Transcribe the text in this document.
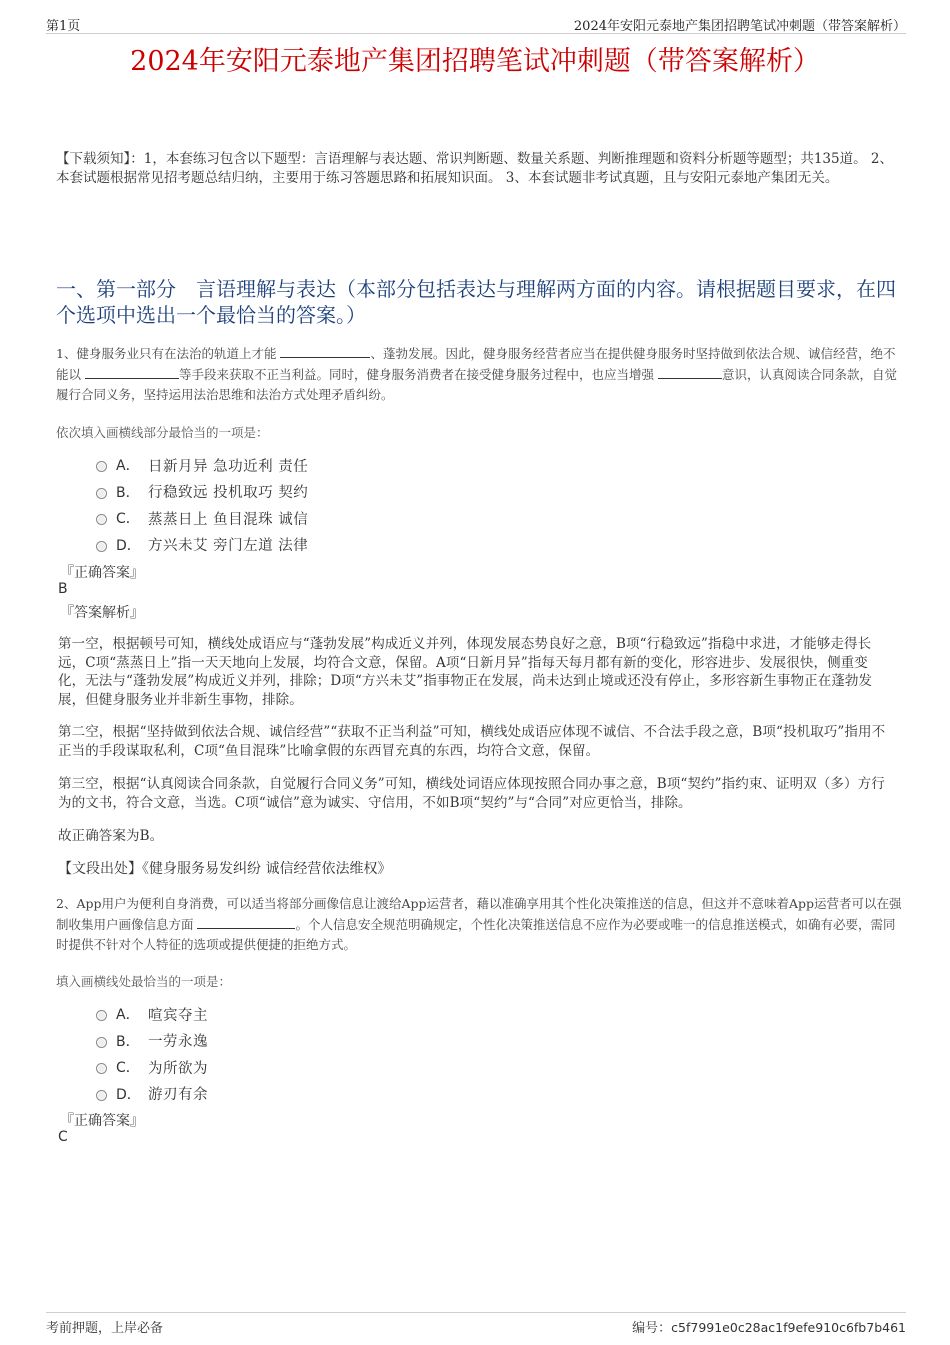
第1页	2024年安阳元泰地产集团招聘笔试冲刺题（带答案解析）
2024年安阳元泰地产集团招聘笔试冲刺题（带答案解析）
【下载须知】：1，本套练习包含以下题型：言语理解与表达题、常识判断题、数量关系题、判断推理题和资料分析题等题型；共135道。 2、本套试题根据常见招考题总结归纳，主要用于练习答题思路和拓展知识面。 3、本套试题非考试真题，且与安阳元泰地产集团无关。
一、第一部分　言语理解与表达（本部分包括表达与理解两方面的内容。请根据题目要求，在四个选项中选出一个最恰当的答案。）
1、健身服务业只有在法治的轨道上才能	、蓬勃发展。因此，健身服务经营者应当在提供健身服务时坚持做到依法合规、诚信经营，绝不能以	等手段来获取不正当利益。同时，健身服务消费者在接受健身服务过程中，也应当增强	意识，认真阅读合同条款，自觉履行合同义务，坚持运用法治思维和法治方式处理矛盾纠纷。
依次填入画横线部分最恰当的一项是：
A． 日新月异 急功近利 责任
B． 行稳致远 投机取巧 契约
C． 蒸蒸日上 鱼目混珠 诚信
D． 方兴未艾 旁门左道 法律
『正确答案』
B
『答案解析』
第一空，根据顿号可知，横线处成语应与“蓬勃发展”构成近义并列，体现发展态势良好之意，B项“行稳致远”指稳中求进，才能够走得长远，C项“蒸蒸日上”指一天天地向上发展，均符合文意，保留。A项“日新月异”指每天每月都有新的变化，形容进步、发展很快，侧重变化，无法与“蓬勃发展”构成近义并列，排除；D项“方兴未艾”指事物正在发展，尚未达到止境或还没有停止，多形容新生事物正在蓬勃发展，但健身服务业并非新生事物，排除。
第二空，根据“坚持做到依法合规、诚信经营”“获取不正当利益”可知，横线处成语应体现不诚信、不合法手段之意，B项“投机取巧”指用不正当的手段谋取私利，C项“鱼目混珠”比喻拿假的东西冒充真的东西，均符合文意，保留。
第三空，根据“认真阅读合同条款，自觉履行合同义务”可知，横线处词语应体现按照合同办事之意，B项“契约”指约束、证明双（多）方行为的文书，符合文意，当选。C项“诚信”意为诚实、守信用，不如B项“契约”与“合同”对应更恰当，排除。
故正确答案为B。
【文段出处】《健身服务易发纠纷 诚信经营依法维权》
2、App用户为便利自身消费，可以适当将部分画像信息让渡给App运营者，藉以准确享用其个性化决策推送的信息，但这并不意味着App运营者可以在强制收集用户画像信息方面	。个人信息安全规范明确规定，个性化决策推送信息不应作为必要或唯一的信息推送模式，如确有必要，需同时提供不针对个人特征的选项或提供便捷的拒绝方式。
填入画横线处最恰当的一项是：
A． 喧宾夺主
B． 一劳永逸
C． 为所欲为
D． 游刃有余
『正确答案』
C
考前押题，上岸必备	编号：c5f7991e0c28ac1f9efe910c6fb7b461
